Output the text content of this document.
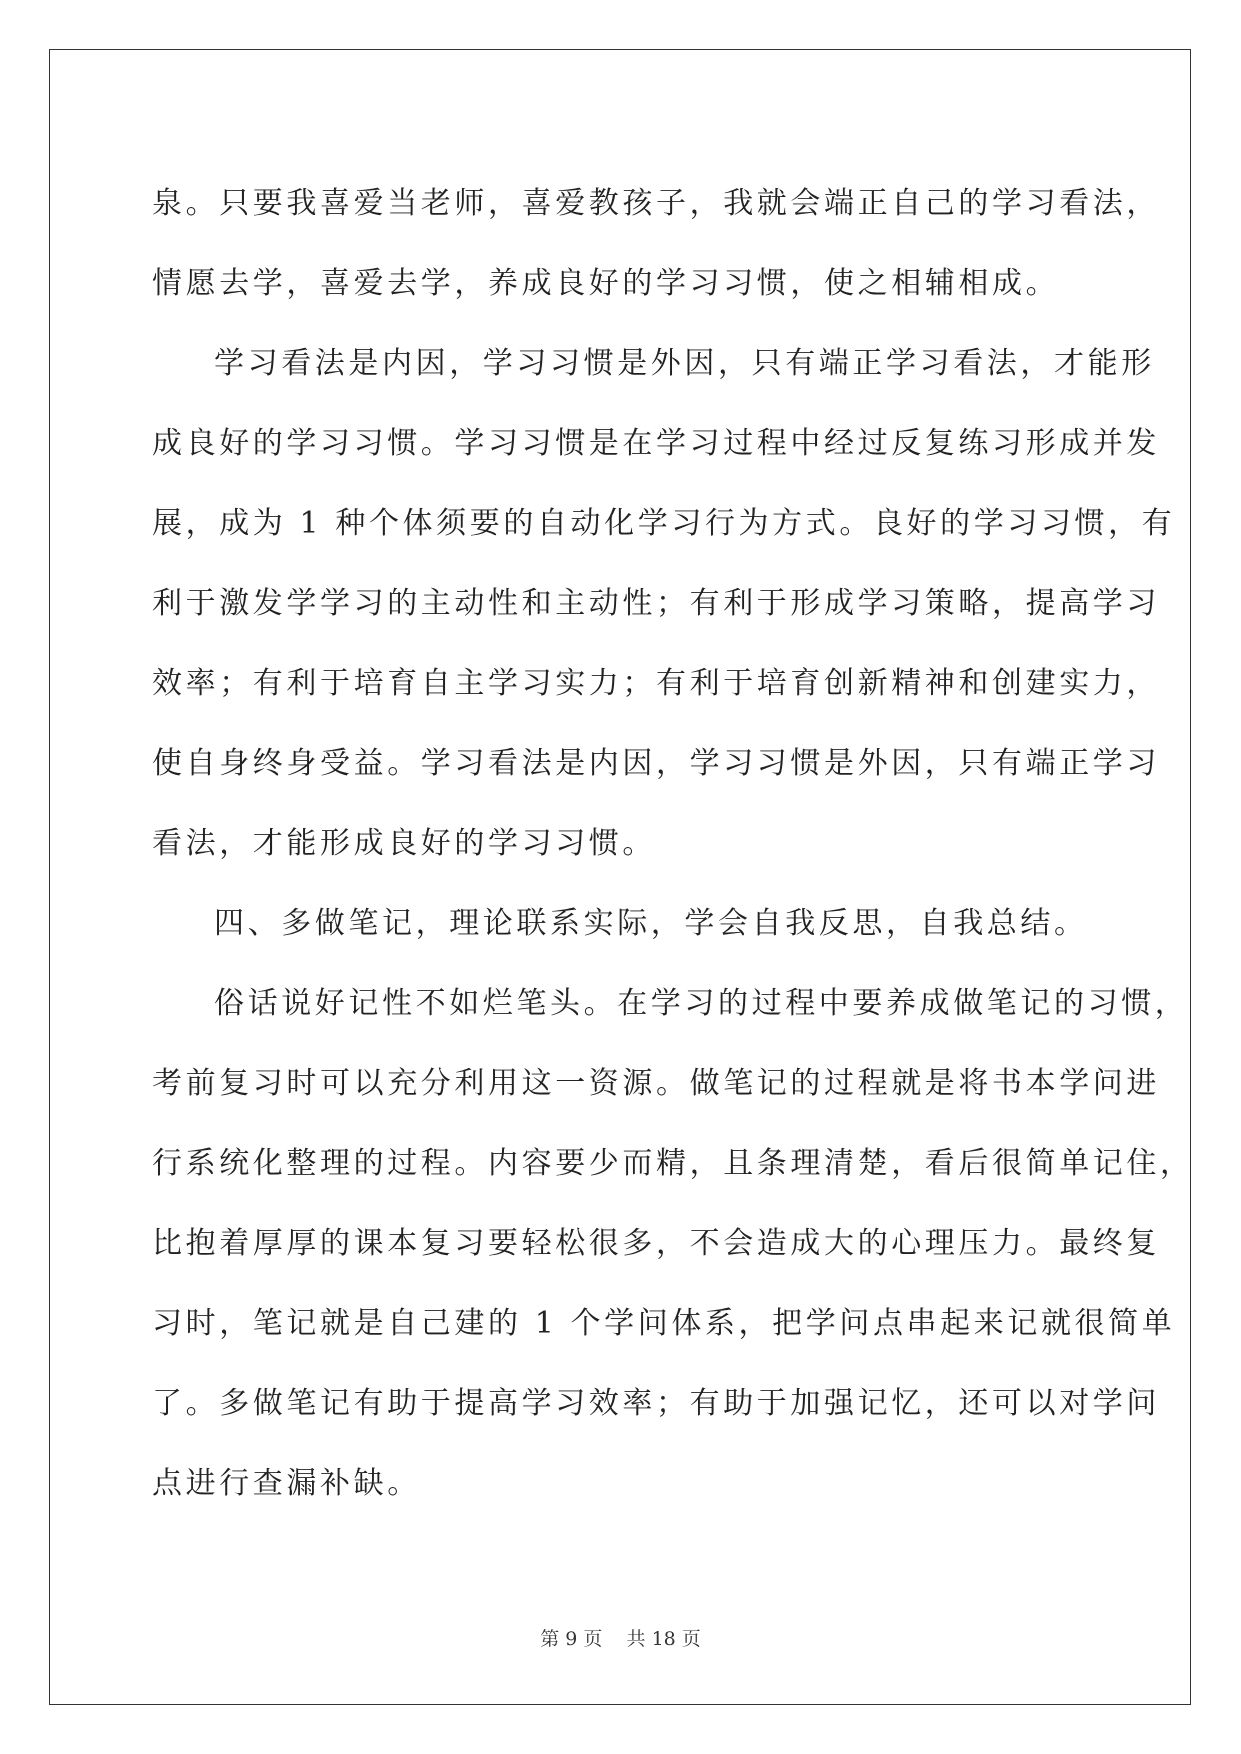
泉。只要我喜爱当老师，喜爱教孩子，我就会端正自己的学习看法，
情愿去学，喜爱去学，养成良好的学习习惯，使之相辅相成。
学习看法是内因，学习习惯是外因，只有端正学习看法，才能形
成良好的学习习惯。学习习惯是在学习过程中经过反复练习形成并发
展，成为 1 种个体须要的自动化学习行为方式。良好的学习习惯，有
利于激发学学习的主动性和主动性；有利于形成学习策略，提高学习
效率；有利于培育自主学习实力；有利于培育创新精神和创建实力，
使自身终身受益。学习看法是内因，学习习惯是外因，只有端正学习
看法，才能形成良好的学习习惯。
四、多做笔记，理论联系实际，学会自我反思，自我总结。
俗话说好记性不如烂笔头。在学习的过程中要养成做笔记的习惯，
考前复习时可以充分利用这一资源。做笔记的过程就是将书本学问进
行系统化整理的过程。内容要少而精，且条理清楚，看后很简单记住，
比抱着厚厚的课本复习要轻松很多，不会造成大的心理压力。最终复
习时，笔记就是自己建的 1 个学问体系，把学问点串起来记就很简单
了。多做笔记有助于提高学习效率；有助于加强记忆，还可以对学问
点进行查漏补缺。
第 9 页 共 18 页
